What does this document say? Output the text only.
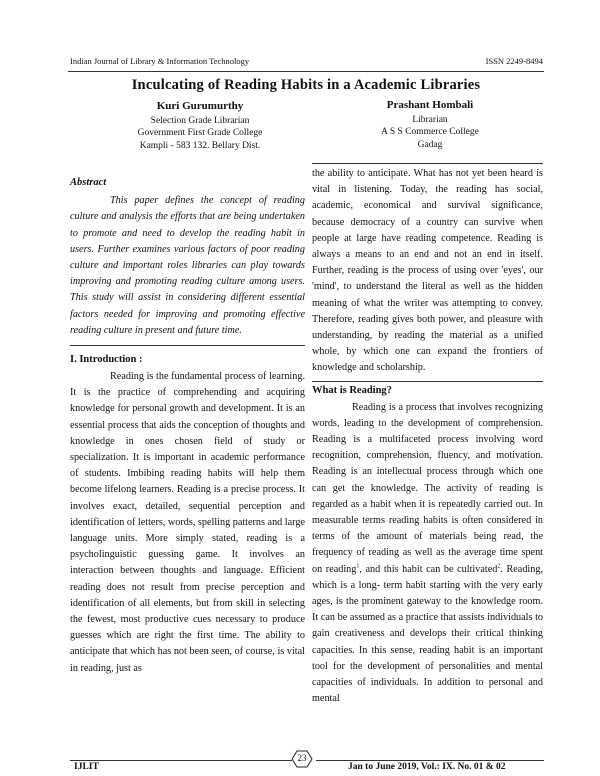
Indian Journal of Library & Information Technology	ISSN 2249-8494
Inculcating of Reading Habits in a Academic Libraries
Kuri Gurumurthy
Selection Grade Librarian
Government First Grade College
Kampli - 583 132. Bellary Dist.
Prashant Hombali
Librarian
A S S Commerce College
Gadag
Abstract

This paper defines the concept of reading culture and analysis the efforts that are being undertaken to promote and need to develop the reading habit in users. Further examines various factors of poor reading culture and important roles libraries can play towards improving and promoting reading culture among users. This study will assist in considering different essential factors needed for improving and promoting effective reading culture in present and future time.

I. Introduction :

Reading is the fundamental process of learning. It is the practice of comprehending and acquiring knowledge for personal growth and development. It is an essential process that aids the conception of thoughts and knowledge in ones chosen field of study or specialization. It is important in academic performance of students. Imbibing reading habits will help them become lifelong learners. Reading is a precise process. It involves exact, detailed, sequential perception and identification of letters, words, spelling patterns and large language units. More simply stated, reading is a psycholinguistic guessing game. It involves an interaction between thoughts and language. Efficient reading does not result from precise perception and identification of all elements, but from skill in selecting the fewest, most productive cues necessary to produce guesses which are right the first time. The ability to anticipate that which has not been seen, of course, is vital in reading, just as

the ability to anticipate. What has not yet been heard is vital in listening. Today, the reading has social, academic, economical and survival significance, because democracy of a country can survive when people at large have reading competence. Reading is always a means to an end and not an end in itself. Further, reading is the process of using over 'eyes', our 'mind', to understand the literal as well as the hidden meaning of what the writer was attempting to convey. Therefore, reading gives both power, and pleasure with understanding, by reading the material as a unified whole, by which one can expand the frontiers of knowledge and scholarship.

What is Reading?

Reading is a process that involves recognizing words, leading to the development of comprehension. Reading is a multifaceted process involving word recognition, comprehension, fluency, and motivation. Reading is an intellectual process through which one can get the knowledge. The activity of reading is regarded as a habit when it is repeatedly carried out. In measurable terms reading habits is often considered in terms of the amount of materials being read, the frequency of reading as well as the average time spent on reading$^1$, and this habit can be cultivated$^2$. Reading, which is a long- term habit starting with the very early ages, is the prominent gateway to the knowledge room. It can be assumed as a practice that assists individuals to gain creativeness and develops their critical thinking capacities. In this sense, reading habit is an important tool for the development of personalities and mental capacities of individuals. In addition to personal and mental

IJLIT
23
Jan to June 2019, Vol.: IX. No. 01 & 02
